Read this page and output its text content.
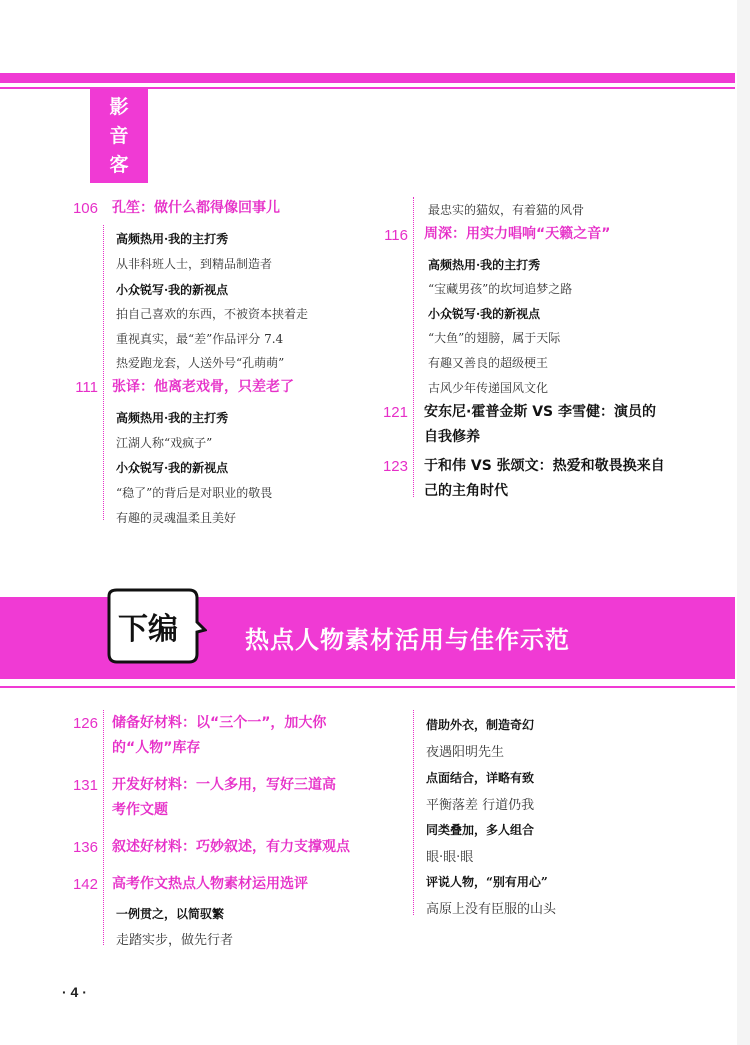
影
音
客
106 孔笙：做什么都得像回事儿
高频热用·我的主打秀
从非科班人士，到精品制造者
小众锐写·我的新视点
拍自己喜欢的东西，不被资本挟着走
重视真实，最“差”作品评分 7.4
热爱跑龙套，人送外号“孔萌萌”
111 张译：他离老戏骨，只差老了
高频热用·我的主打秀
江湖人称“戏疯子”
小众锐写·我的新视点
“稳了”的背后是对职业的敬畏
有趣的灵魂温柔且美好
最忠实的猫奴，有着猫的风骨
116 周深：用实力唱响“天籁之音”
高频热用·我的主打秀
“宝藏男孩”的坎坷追梦之路
小众锐写·我的新视点
“大鱼”的翅膀，属于天际
有趣又善良的超级梗王
古风少年传递国风文化
121 安东尼·霍普金斯 VS 李雪健：演员的
自我修养
123 于和伟 VS 张颂文：热爱和敬畏换来自
己的主角时代
下编	热点人物素材活用与佳作示范
126 储备好材料：以“三个一”，加大你
的“人物”库存
131 开发好材料：一人多用，写好三道高
考作文题
136 叙述好材料：巧妙叙述，有力支撑观点
142 高考作文热点人物素材运用选评
一例贯之，以简驭繁
走踏实步，做先行者
借助外衣，制造奇幻
夜遇阳明先生
点面结合，详略有致
平衡落差 行道仍我
同类叠加，多人组合
眼·眼·眼
评说人物，“别有用心”
高原上没有臣服的山头
· 4 ·
